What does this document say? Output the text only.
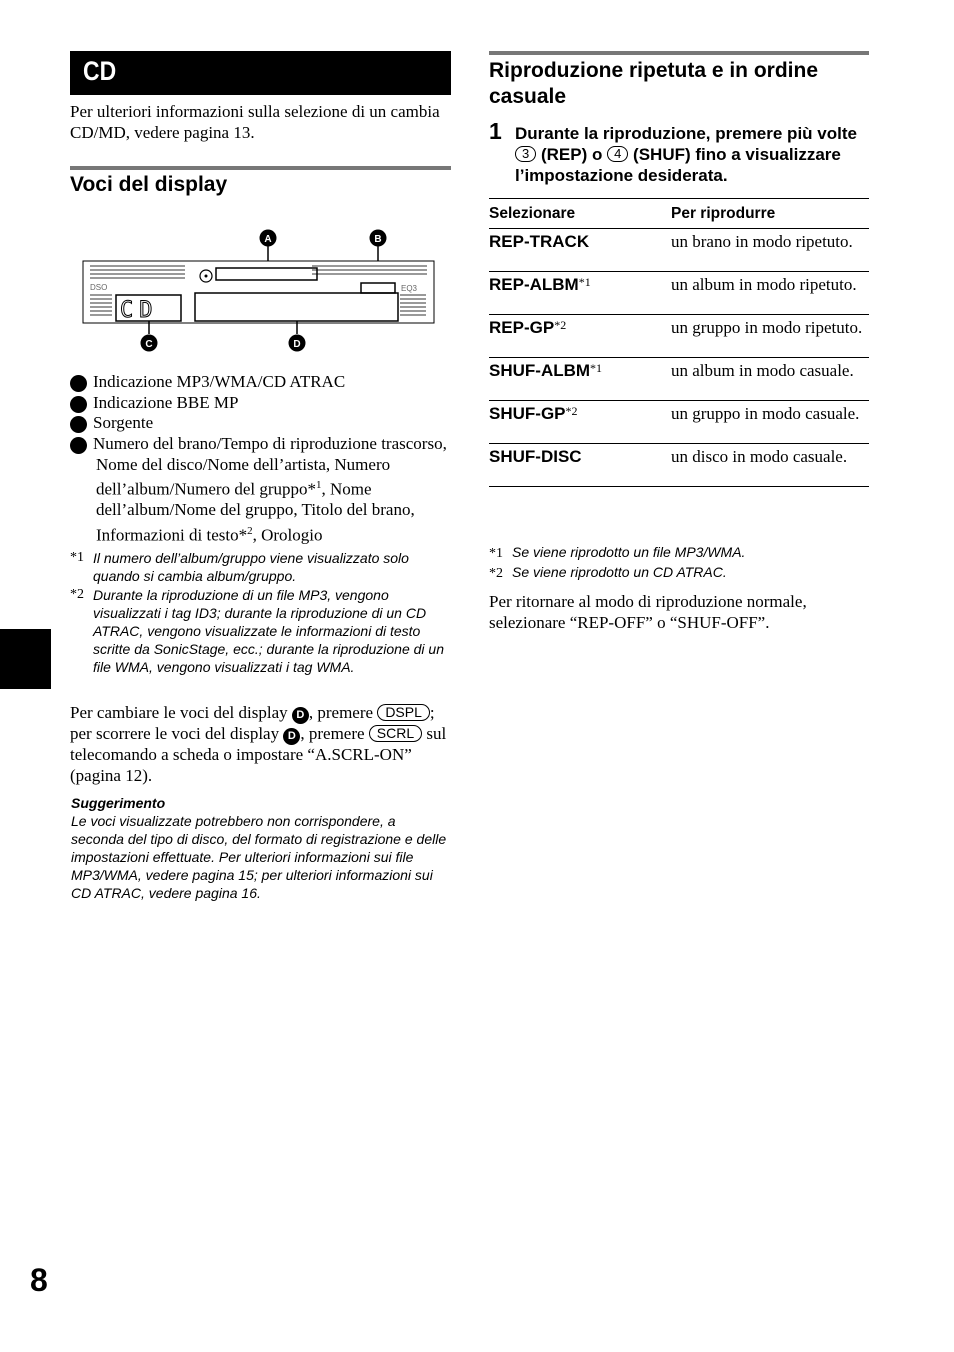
CD
Per ulteriori informazioni sulla selezione di un cambia CD/MD, vedere pagina 13.
Voci del display
A	B
DSO	EQ3
CD
C	D
A Indicazione MP3/WMA/CD ATRAC
B Indicazione BBE MP
C Sorgente
D Numero del brano/Tempo di riproduzione trascorso, Nome del disco/Nome dell’artista, Numero dell’album/Numero del gruppo*$^1$, Nome dell’album/Nome del gruppo, Titolo del brano, Informazioni di testo*$^2$, Orologio
*1 Il numero dell’album/gruppo viene visualizzato solo quando si cambia album/gruppo.
*2 Durante la riproduzione di un file MP3, vengono visualizzati i tag ID3; durante la riproduzione di un CD ATRAC, vengono visualizzate le informazioni di testo scritte da SonicStage, ecc.; durante la riproduzione di un file WMA, vengono visualizzati i tag WMA.
Per cambiare le voci del display D , premere DSPL ; per scorrere le voci del display D , premere SCRL sul telecomando a scheda o impostare “A.SCRL-ON” (pagina 12).
Suggerimento
Le voci visualizzate potrebbero non corrispondere, a seconda del tipo di disco, del formato di registrazione e delle impostazioni effettuate. Per ulteriori informazioni sui file MP3/WMA, vedere pagina 15; per ulteriori informazioni sui CD ATRAC, vedere pagina 16.
8
Riproduzione ripetuta e in ordine casuale
1 Durante la riproduzione, premere più volte 3 (REP) o 4 (SHUF) fino a visualizzare l’impostazione desiderata.
Selezionare	Per riprodurre
REP-TRACK	un brano in modo ripetuto.
REP-ALBM$^{*1}$	un album in modo ripetuto.
REP-GP$^{*2}$	un gruppo in modo ripetuto.
SHUF-ALBM$^{*1}$	un album in modo casuale.
SHUF-GP$^{*2}$	un gruppo in modo casuale.
SHUF-DISC	un disco in modo casuale.
*1 Se viene riprodotto un file MP3/WMA.
*2 Se viene riprodotto un CD ATRAC.
Per ritornare al modo di riproduzione normale, selezionare “REP-OFF” o “SHUF-OFF”.
